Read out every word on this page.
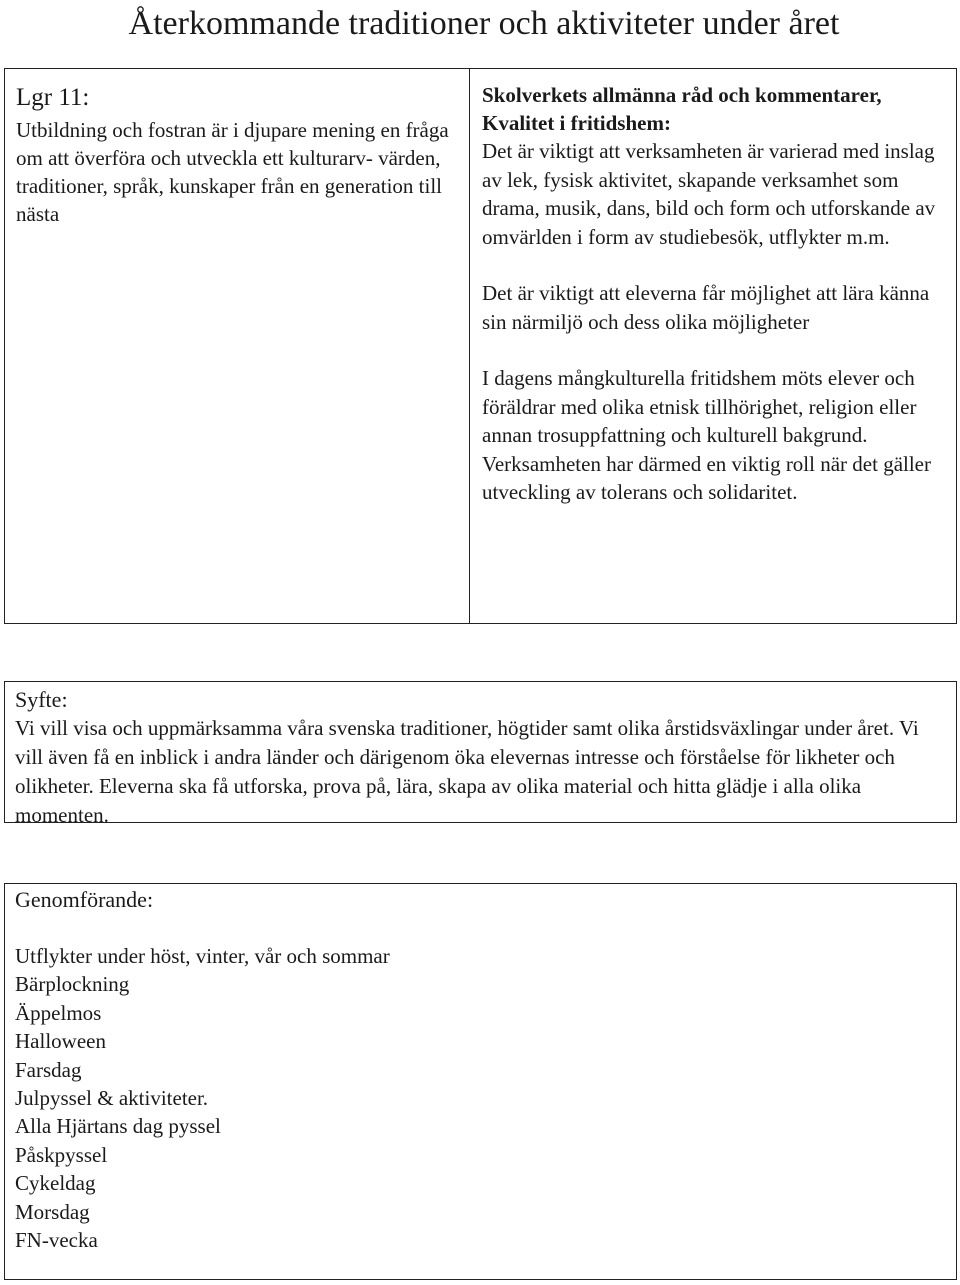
Återkommande traditioner och aktiviteter under året

Lgr 11:

Utbildning och fostran är i djupare mening en fråga om att överföra och utveckla ett kulturarv- värden, traditioner, språk, kunskaper från en generation till nästa

Skolverkets allmänna råd och kommentarer, Kvalitet i fritidshem:

Det är viktigt att verksamheten är varierad med inslag av lek, fysisk aktivitet, skapande verksamhet som drama, musik, dans, bild och form och utforskande av omvärlden i form av studiebesök, utflykter m.m.

Det är viktigt att eleverna får möjlighet att lära känna sin närmiljö och dess olika möjligheter

I dagens mångkulturella fritidshem möts elever och föräldrar med olika etnisk tillhörighet, religion eller annan trosuppfattning och kulturell bakgrund. Verksamheten har därmed en viktig roll när det gäller utveckling av tolerans och solidaritet.

Syfte:

Vi vill visa och uppmärksamma våra svenska traditioner, högtider samt olika årstidsväxlingar under året. Vi vill även få en inblick i andra länder och därigenom öka elevernas intresse och förståelse för likheter och olikheter. Eleverna ska få utforska, prova på, lära, skapa av olika material och hitta glädje i alla olika momenten.

Genomförande:

Utflykter under höst, vinter, vår och sommar
Bärplockning
Äppelmos
Halloween
Farsdag
Julpyssel & aktiviteter.
Alla Hjärtans dag pyssel
Påskpyssel
Cykeldag
Morsdag
FN-vecka
